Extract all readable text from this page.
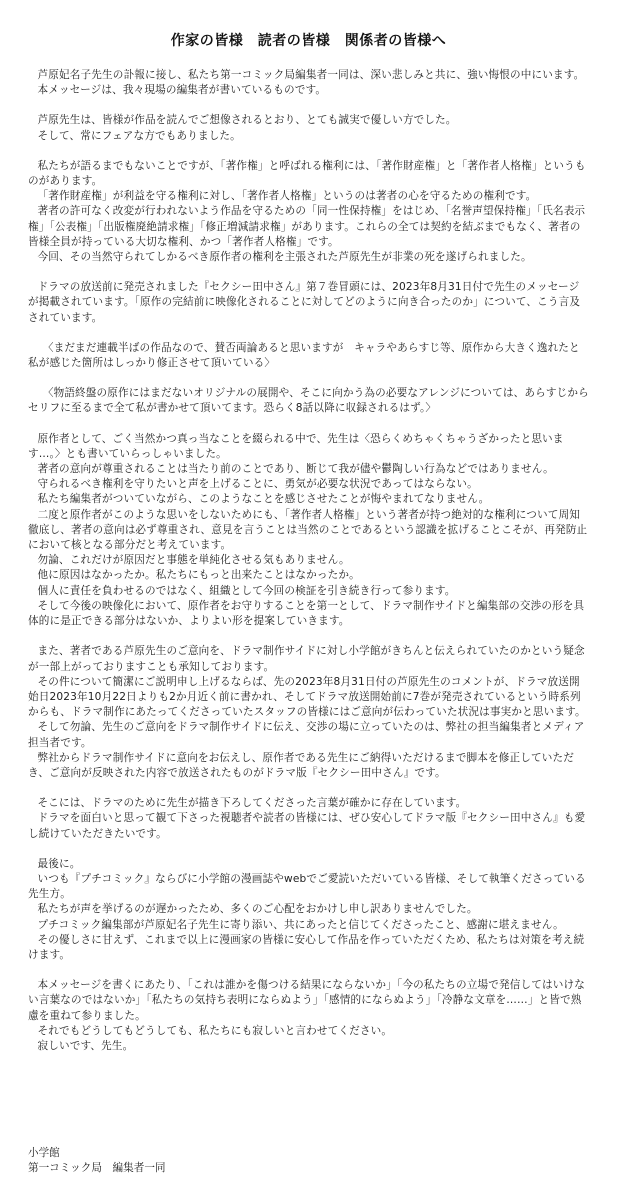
作家の皆様　読者の皆様　関係者の皆様へ

芦原妃名子先生の訃報に接し、私たち第一コミック局編集者一同は、深い悲しみと共に、強い悔恨の中にいます。

本メッセージは、我々現場の編集者が書いているものです。

芦原先生は、皆様が作品を読んでご想像されるとおり、とても誠実で優しい方でした。

そして、常にフェアな方でもありました。

私たちが語るまでもないことですが、「著作権」と呼ばれる権利には、「著作財産権」と「著作者人格権」というものがあります。

「著作財産権」が利益を守る権利に対し、「著作者人格権」というのは著者の心を守るための権利です。

著者の許可なく改変が行われないよう作品を守るための「同一性保持権」をはじめ、「名誉声望保持権」「氏名表示権」「公表権」「出版権廃絶請求権」「修正増減請求権」があります。これらの全ては契約を結ぶまでもなく、著者の皆様全員が持っている大切な権利、かつ「著作者人格権」です。

今回、その当然守られてしかるべき原作者の権利を主張された芦原先生が非業の死を遂げられました。

ドラマの放送前に発売されました『セクシー田中さん』第７巻冒頭には、2023年8月31日付で先生のメッセージが掲載されています。「原作の完結前に映像化されることに対してどのように向き合ったのか」について、こう言及されています。

〈まだまだ連載半ばの作品なので、賛否両論あると思いますが　キャラやあらすじ等、原作から大きく逸れたと私が感じた箇所はしっかり修正させて頂いている〉

〈物語終盤の原作にはまだないオリジナルの展開や、そこに向かう為の必要なアレンジについては、あらすじからセリフに至るまで全て私が書かせて頂いてます。恐らく8話以降に収録されるはず。〉

原作者として、ごく当然かつ真っ当なことを綴られる中で、先生は〈恐らくめちゃくちゃうざかったと思います…。〉とも書いていらっしゃいました。

著者の意向が尊重されることは当たり前のことであり、断じて我が儘や鬱陶しい行為などではありません。

守られるべき権利を守りたいと声を上げることに、勇気が必要な状況であってはならない。

私たち編集者がついていながら、このようなことを感じさせたことが悔やまれてなりません。

二度と原作者がこのような思いをしないためにも、「著作者人格権」という著者が持つ絶対的な権利について周知徹底し、著者の意向は必ず尊重され、意見を言うことは当然のことであるという認識を拡げることこそが、再発防止において核となる部分だと考えています。

勿論、これだけが原因だと事態を単純化させる気もありません。

他に原因はなかったか。私たちにもっと出来たことはなかったか。

個人に責任を負わせるのではなく、組織として今回の検証を引き続き行って参ります。

そして今後の映像化において、原作者をお守りすることを第一として、ドラマ制作サイドと編集部の交渉の形を具体的に是正できる部分はないか、よりよい形を提案していきます。

また、著者である芦原先生のご意向を、ドラマ制作サイドに対し小学館がきちんと伝えられていたのかという疑念が一部上がっておりますことも承知しております。

その件について簡潔にご説明申し上げるならば、先の2023年8月31日付の芦原先生のコメントが、ドラマ放送開始日2023年10月22日よりも2か月近く前に書かれ、そしてドラマ放送開始前に7巻が発売されているという時系列からも、ドラマ制作にあたってくださっていたスタッフの皆様にはご意向が伝わっていた状況は事実かと思います。

そして勿論、先生のご意向をドラマ制作サイドに伝え、交渉の場に立っていたのは、弊社の担当編集者とメディア担当者です。

弊社からドラマ制作サイドに意向をお伝えし、原作者である先生にご納得いただけるまで脚本を修正していただき、ご意向が反映された内容で放送されたものがドラマ版『セクシー田中さん』です。

そこには、ドラマのために先生が描き下ろしてくださった言葉が確かに存在しています。

ドラマを面白いと思って観て下さった視聴者や読者の皆様には、ぜひ安心してドラマ版『セクシー田中さん』も愛し続けていただきたいです。

最後に。

いつも『プチコミック』ならびに小学館の漫画誌やwebでご愛読いただいている皆様、そして執筆くださっている先生方。

私たちが声を挙げるのが遅かったため、多くのご心配をおかけし申し訳ありませんでした。

プチコミック編集部が芦原妃名子先生に寄り添い、共にあったと信じてくださったこと、感謝に堪えません。

その優しさに甘えず、これまで以上に漫画家の皆様に安心して作品を作っていただくため、私たちは対策を考え続けます。

本メッセージを書くにあたり、「これは誰かを傷つける結果にならないか」「今の私たちの立場で発信してはいけない言葉なのではないか」「私たちの気持ち表明にならぬよう」「感情的にならぬよう」「冷静な文章を……」と皆で熟慮を重ねて参りました。

それでもどうしてもどうしても、私たちにも寂しいと言わせてください。

寂しいです、先生。

小学館

第一コミック局　編集者一同
